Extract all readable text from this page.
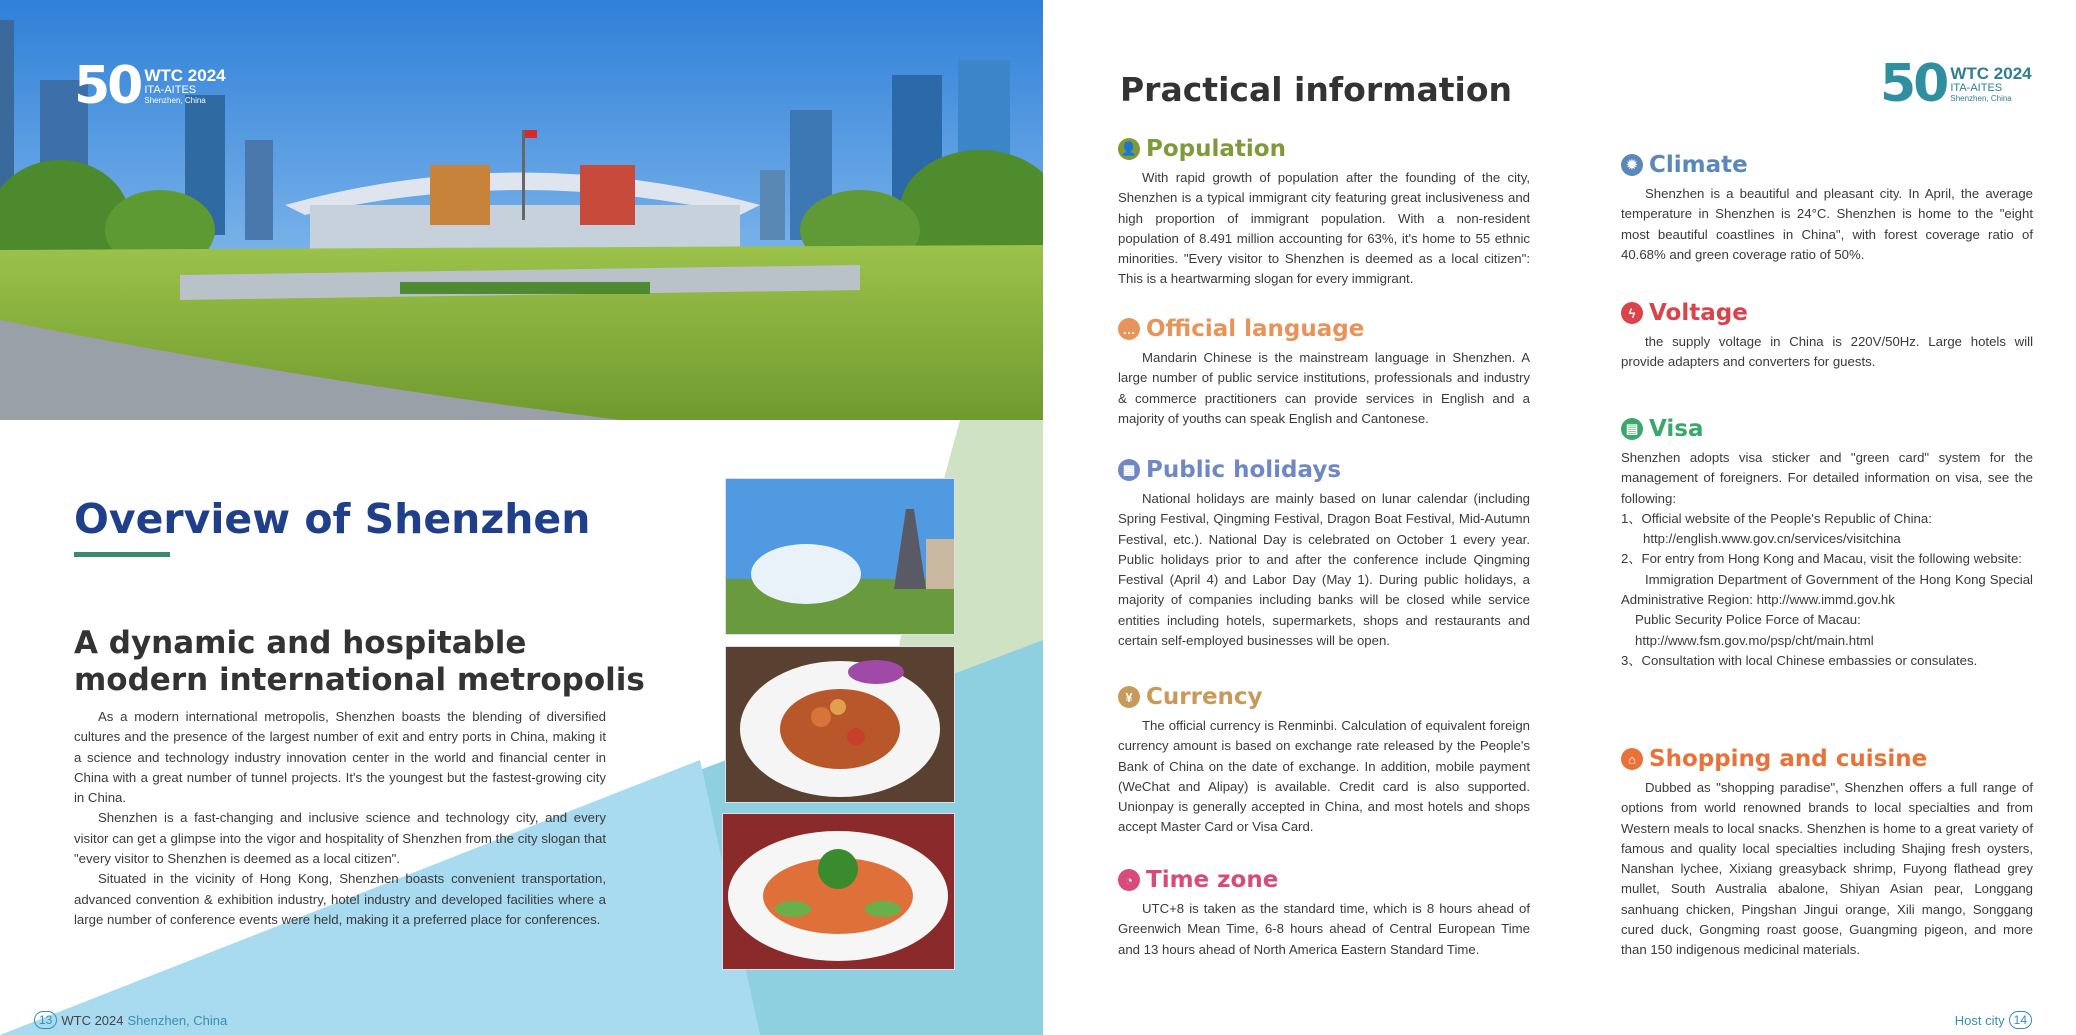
50 WTC 2024
ITA-AITES
Shenzhen, China
Overview of Shenzhen
A dynamic and hospitable
modern international metropolis

As a modern international metropolis, Shenzhen boasts the blending of diversified cultures and the presence of the largest number of exit and entry ports in China, making it a science and technology industry innovation center in the world and financial center in China with a great number of tunnel projects. It's the youngest but the fastest-growing city in China.

Shenzhen is a fast-changing and inclusive science and technology city, and every visitor can get a glimpse into the vigor and hospitality of Shenzhen from the city slogan that "every visitor to Shenzhen is deemed as a local citizen".

Situated in the vicinity of Hong Kong, Shenzhen boasts convenient transportation, advanced convention & exhibition industry, hotel industry and developed facilities where a large number of conference events were held, making it a preferred place for conferences.

13 WTC 2024 Shenzhen, China
Practical information	50 WTC 2024
ITA-AITES
Shenzhen, China
👤 Population

With rapid growth of population after the founding of the city, Shenzhen is a typical immigrant city featuring great inclusiveness and high proportion of immigrant population. With a non-resident population of 8.491 million accounting for 63%, it's home to 55 ethnic minorities. "Every visitor to Shenzhen is deemed as a local citizen": This is a heartwarming slogan for every immigrant.

… Official language

Mandarin Chinese is the mainstream language in Shenzhen. A large number of public service institutions, professionals and industry & commerce practitioners can provide services in English and a majority of youths can speak English and Cantonese.

▦ Public holidays

National holidays are mainly based on lunar calendar (including Spring Festival, Qingming Festival, Dragon Boat Festival, Mid-Autumn Festival, etc.). National Day is celebrated on October 1 every year. Public holidays prior to and after the conference include Qingming Festival (April 4) and Labor Day (May 1). During public holidays, a majority of companies including banks will be closed while service entities including hotels, supermarkets, shops and restaurants and certain self-employed businesses will be open.

¥ Currency

The official currency is Renminbi. Calculation of equivalent foreign currency amount is based on exchange rate released by the People's Bank of China on the date of exchange. In addition, mobile payment (WeChat and Alipay) is available. Credit card is also supported. Unionpay is generally accepted in China, and most hotels and shops accept Master Card or Visa Card.

◔ Time zone

UTC+8 is taken as the standard time, which is 8 hours ahead of Greenwich Mean Time, 6-8 hours ahead of Central European Time and 13 hours ahead of North America Eastern Standard Time.

✹ Climate

Shenzhen is a beautiful and pleasant city. In April, the average temperature in Shenzhen is 24°C. Shenzhen is home to the "eight most beautiful coastlines in China", with forest coverage ratio of 40.68% and green coverage ratio of 50%.

ϟ Voltage

the supply voltage in China is 220V/50Hz. Large hotels will provide adapters and converters for guests.

▤ Visa

Shenzhen adopts visa sticker and "green card" system for the management of foreigners. For detailed information on visa, see the following:

1、Official website of the People's Republic of China:

http://english.www.gov.cn/services/visitchina

2、For entry from Hong Kong and Macau, visit the following website:

Immigration Department of Government of the Hong Kong Special Administrative Region: http://www.immd.gov.hk

Public Security Police Force of Macau:

http://www.fsm.gov.mo/psp/cht/main.html

3、Consultation with local Chinese embassies or consulates.

⌂ Shopping and cuisine

Dubbed as "shopping paradise", Shenzhen offers a full range of options from world renowned brands to local specialties and from Western meals to local snacks. Shenzhen is home to a great variety of famous and quality local specialties including Shajing fresh oysters, Nanshan lychee, Xixiang greasyback shrimp, Fuyong flathead grey mullet, South Australia abalone, Shiyan Asian pear, Longgang sanhuang chicken, Pingshan Jingui orange, Xili mango, Songgang cured duck, Gongming roast goose, Guangming pigeon, and more than 150 indigenous medicinal materials.

Host city 14
